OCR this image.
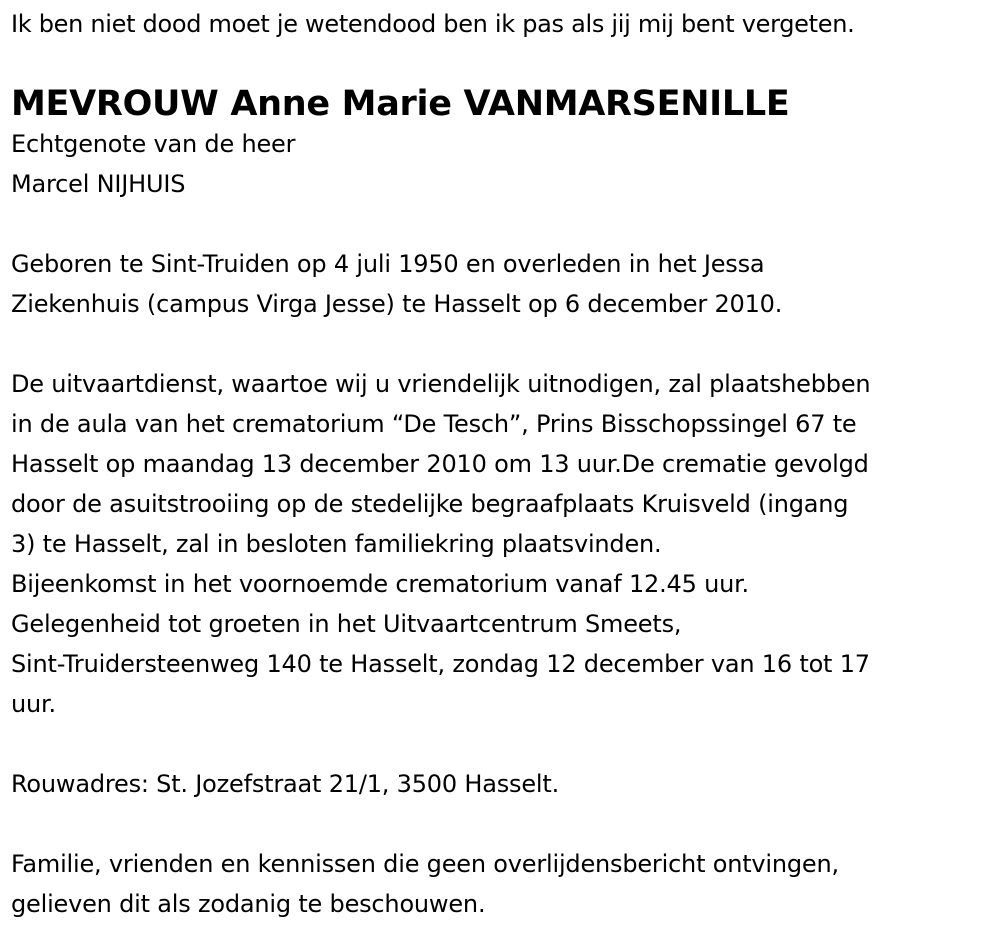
Ik ben niet dood moet je wetendood ben ik pas als jij mij bent vergeten.
MEVROUW Anne Marie VANMARSENILLE
Echtgenote van de heer
Marcel NIJHUIS
Geboren te Sint-Truiden op 4 juli 1950 en overleden in het Jessa
Ziekenhuis (campus Virga Jesse) te Hasselt op 6 december 2010.
De uitvaartdienst, waartoe wij u vriendelijk uitnodigen, zal plaatshebben
in de aula van het crematorium “De Tesch”, Prins Bisschopssingel 67 te
Hasselt op maandag 13 december 2010 om 13 uur.De crematie gevolgd
door de asuitstrooiing op de stedelijke begraafplaats Kruisveld (ingang
3) te Hasselt, zal in besloten familiekring plaatsvinden.
Bijeenkomst in het voornoemde crematorium vanaf 12.45 uur.
Gelegenheid tot groeten in het Uitvaartcentrum Smeets,
Sint-Truidersteenweg 140 te Hasselt, zondag 12 december van 16 tot 17
uur.
Rouwadres: St. Jozefstraat 21/1, 3500 Hasselt.
Familie, vrienden en kennissen die geen overlijdensbericht ontvingen,
gelieven dit als zodanig te beschouwen.
